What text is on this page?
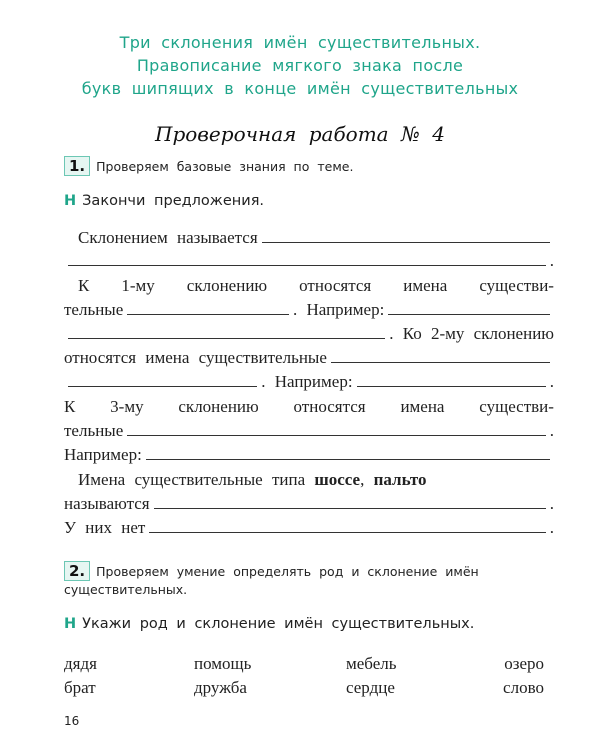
Три склонения имён существительных.
Правописание мягкого знака после
букв шипящих в конце имён существительных
Проверочная работа № 4
1. Проверяем базовые знания по теме.
Н Закончи предложения.
Склонением называется
.
К 1-му склонению относятся имена существи-
тельные	. Например:
. Ко 2-му склонению
относятся имена существительные
. Например:	.
К 3-му склонению относятся имена существи-
тельные	.
Например:
Имена существительные типа шоссе , пальто
называются	.
У них нет	.
2. Проверяем умение определять род и склонение имён
существительных.
Н Укажи род и склонение имён существительных.
дядя	помощь	мебель	озеро
брат	дружба	сердце	слово
16
